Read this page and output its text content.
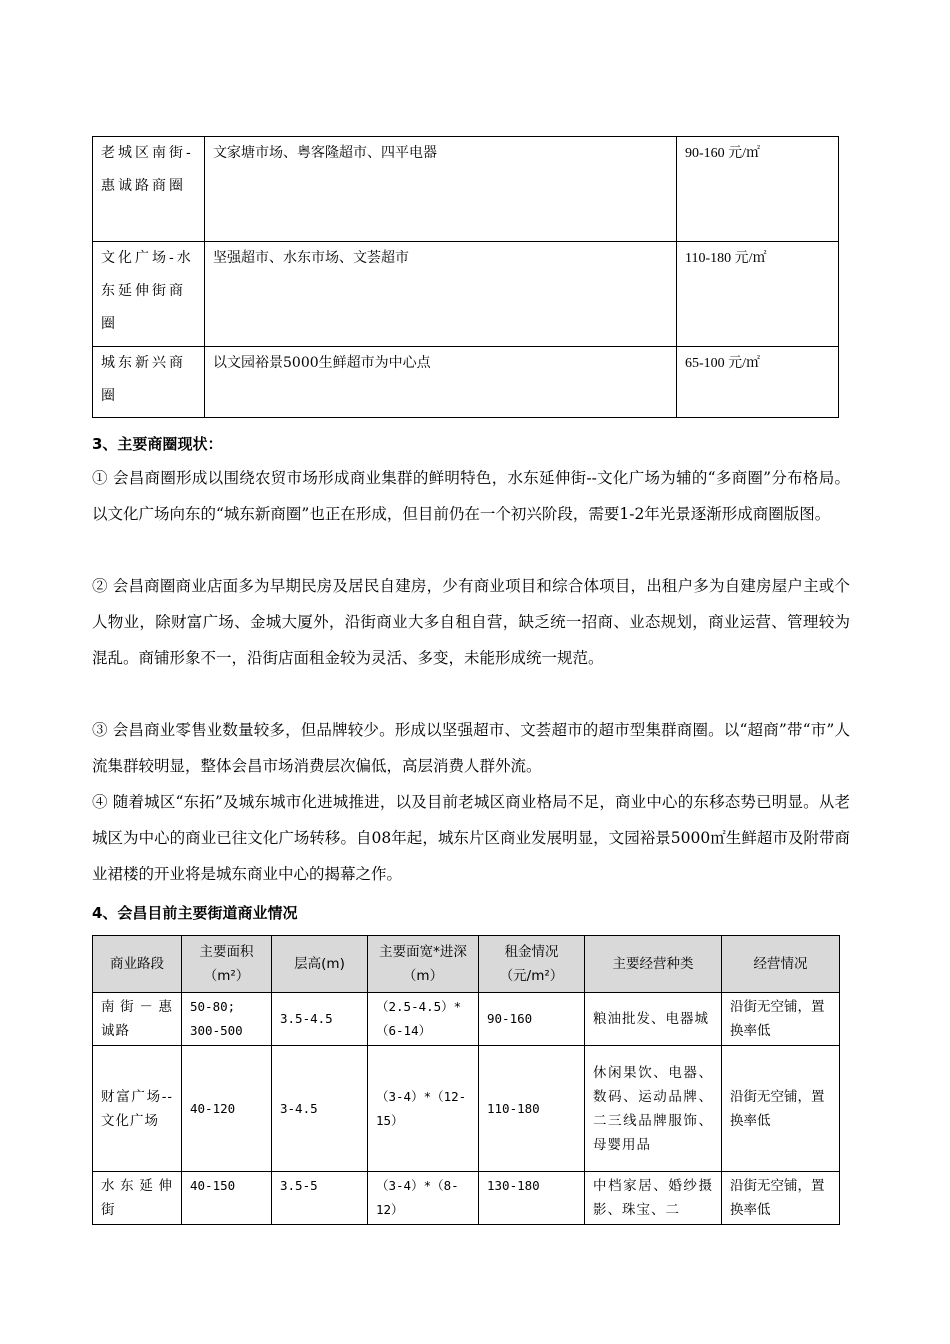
老城区南街-惠诚路商圈	文家塘市场、粤客隆超市、四平电器	90-160 元/㎡
文化广场-水东延伸街商圈	坚强超市、水东市场、文荟超市	110-180 元/㎡
城东新兴商圈	以文园裕景5000生鲜超市为中心点	65-100 元/㎡
3、主要商圈现状：
① 会昌商圈形成以围绕农贸市场形成商业集群的鲜明特色，水东延伸街--文化广场为辅的“多商圈”分布格局。以文化广场向东的“城东新商圈”也正在形成，但目前仍在一个初兴阶段，需要1-2年光景逐渐形成商圈版图。
② 会昌商圈商业店面多为早期民房及居民自建房，少有商业项目和综合体项目，出租户多为自建房屋户主或个人物业，除财富广场、金城大厦外，沿街商业大多自租自营，缺乏统一招商、业态规划，商业运营、管理较为混乱。商铺形象不一，沿街店面租金较为灵活、多变，未能形成统一规范。
③ 会昌商业零售业数量较多，但品牌较少。形成以坚强超市、文荟超市的超市型集群商圈。以“超商”带“市”人流集群较明显，整体会昌市场消费层次偏低，高层消费人群外流。
④ 随着城区“东拓”及城东城市化进城推进，以及目前老城区商业格局不足，商业中心的东移态势已明显。从老城区为中心的商业已往文化广场转移。自08年起，城东片区商业发展明显，文园裕景5000㎡生鲜超市及附带商业裙楼的开业将是城东商业中心的揭幕之作。
4、会昌目前主要街道商业情况
商业路段	主要面积（m²）	层高(m)	主要面宽*进深（m）	租金情况（元/m²）	主要经营种类	经营情况
南街－惠诚路	50-80;
300-500	3.5-4.5	（2.5-4.5）*（6-14）	90-160	粮油批发、电器城	沿街无空铺，置换率低
财富广场--文化广场	40-120	3-4.5	（3-4）*（12-15）	110-180	休闲果饮、电器、数码、运动品牌、二三线品牌服饰、母婴用品	沿街无空铺，置换率低
水东延伸街	40-150	3.5-5	（3-4）*（8-12）	130-180	中档家居、婚纱摄影、珠宝、二	沿街无空铺，置换率低
